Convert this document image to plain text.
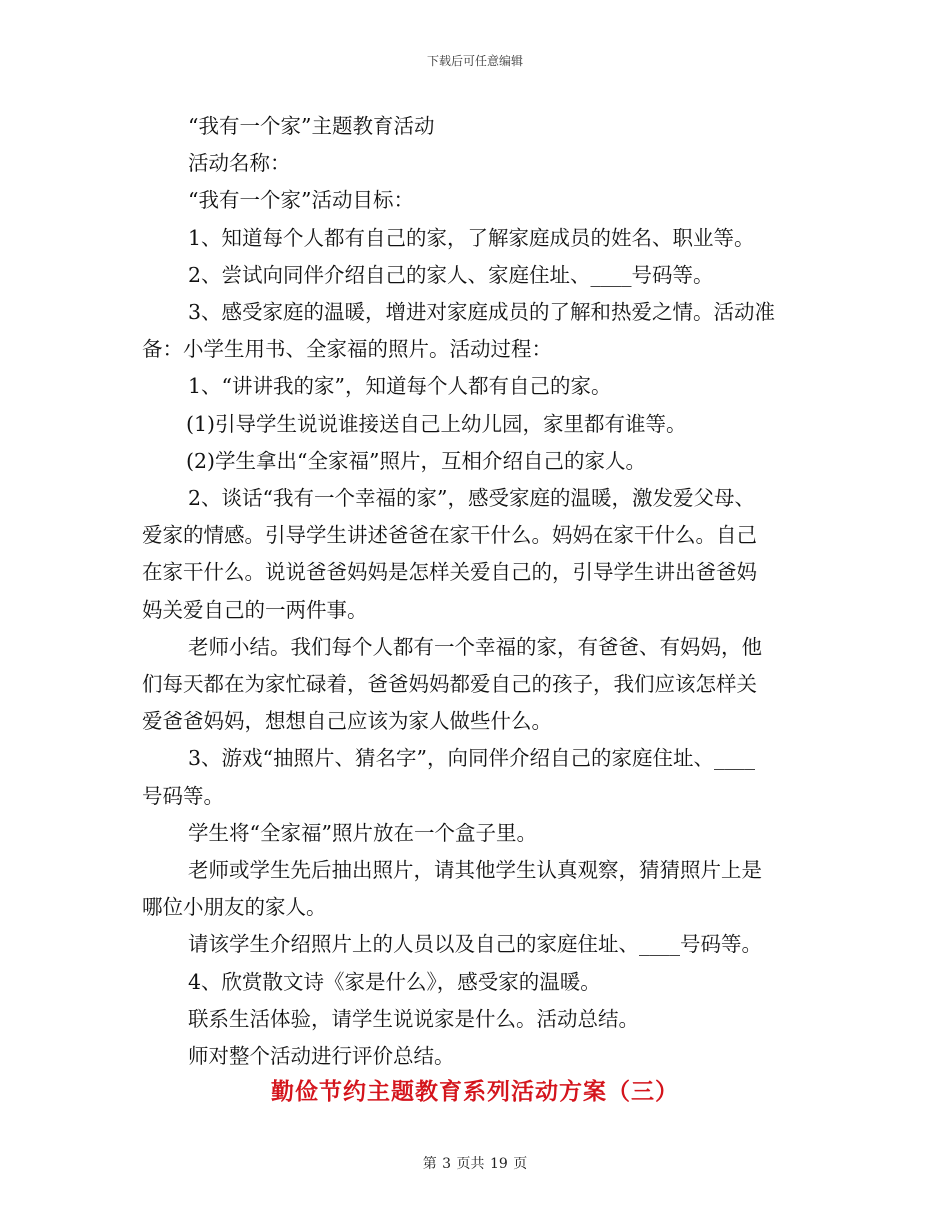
下载后可任意编辑

“我有一个家”主题教育活动

活动名称：

“我有一个家”活动目标：

1、知道每个人都有自己的家，了解家庭成员的姓名、职业等。

2、尝试向同伴介绍自己的家人、家庭住址、____号码等。

3、感受家庭的温暖，增进对家庭成员的了解和热爱之情。活动准

备：小学生用书、全家福的照片。活动过程：

1、“讲讲我的家”，知道每个人都有自己的家。

(1)引导学生说说谁接送自己上幼儿园，家里都有谁等。

(2)学生拿出“全家福”照片，互相介绍自己的家人。

2、谈话“我有一个幸福的家”，感受家庭的温暖，激发爱父母、

爱家的情感。引导学生讲述爸爸在家干什么。妈妈在家干什么。自己

在家干什么。说说爸爸妈妈是怎样关爱自己的，引导学生讲出爸爸妈

妈关爱自己的一两件事。

老师小结。我们每个人都有一个幸福的家，有爸爸、有妈妈，他

们每天都在为家忙碌着，爸爸妈妈都爱自己的孩子，我们应该怎样关

爱爸爸妈妈，想想自己应该为家人做些什么。

3、游戏“抽照片、猜名字”，向同伴介绍自己的家庭住址、____

号码等。

学生将“全家福”照片放在一个盒子里。

老师或学生先后抽出照片，请其他学生认真观察，猜猜照片上是

哪位小朋友的家人。

请该学生介绍照片上的人员以及自己的家庭住址、____号码等。

4、欣赏散文诗《家是什么》，感受家的温暖。

联系生活体验，请学生说说家是什么。活动总结。

师对整个活动进行评价总结。

勤俭节约主题教育系列活动方案（三）
第 3 页共 19 页
